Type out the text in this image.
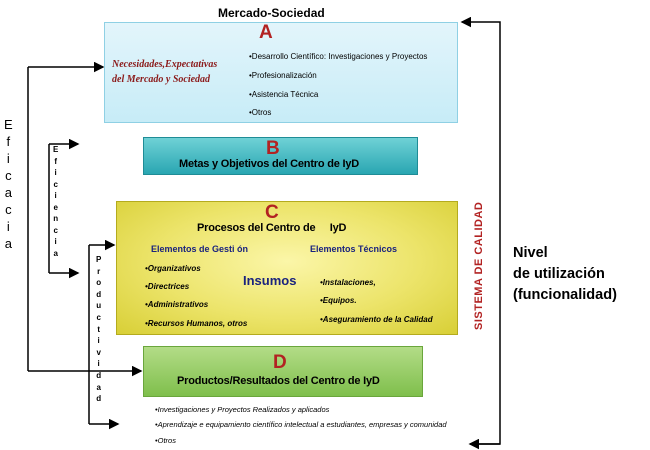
Mercado-Sociedad
A
Necesidades,Expectativas
del Mercado y Sociedad
•Desarrollo Científico: Investigaciones y Proyectos
•Profesionalización
•Asistencia Técnica
•Otros
B
Metas y Objetivos del Centro de IyD
C
Procesos del Centro de     IyD
Elementos de Gesti ón	Elementos Técnicos
Insumos
•Organizativos
•Directrices
•Administrativos
•Recursos Humanos, otros
•Instalaciones,
•Equipos.
•Aseguramiento de la Calidad
D
Productos/Resultados del Centro de IyD
•Investigaciones y Proyectos Realizados y aplicados
•Aprendizaje e equipamiento científico intelectual a estudiantes, empresas y comunidad
•Otros
E
f
i
c
a
c
i
a
E
f
i
c
i
e
n
c
i
a
P
r
o
d
u
c
t
i
v
i
d
a
d
SISTEMA DE CALIDAD Nivel
de utilización
(funcionalidad)
